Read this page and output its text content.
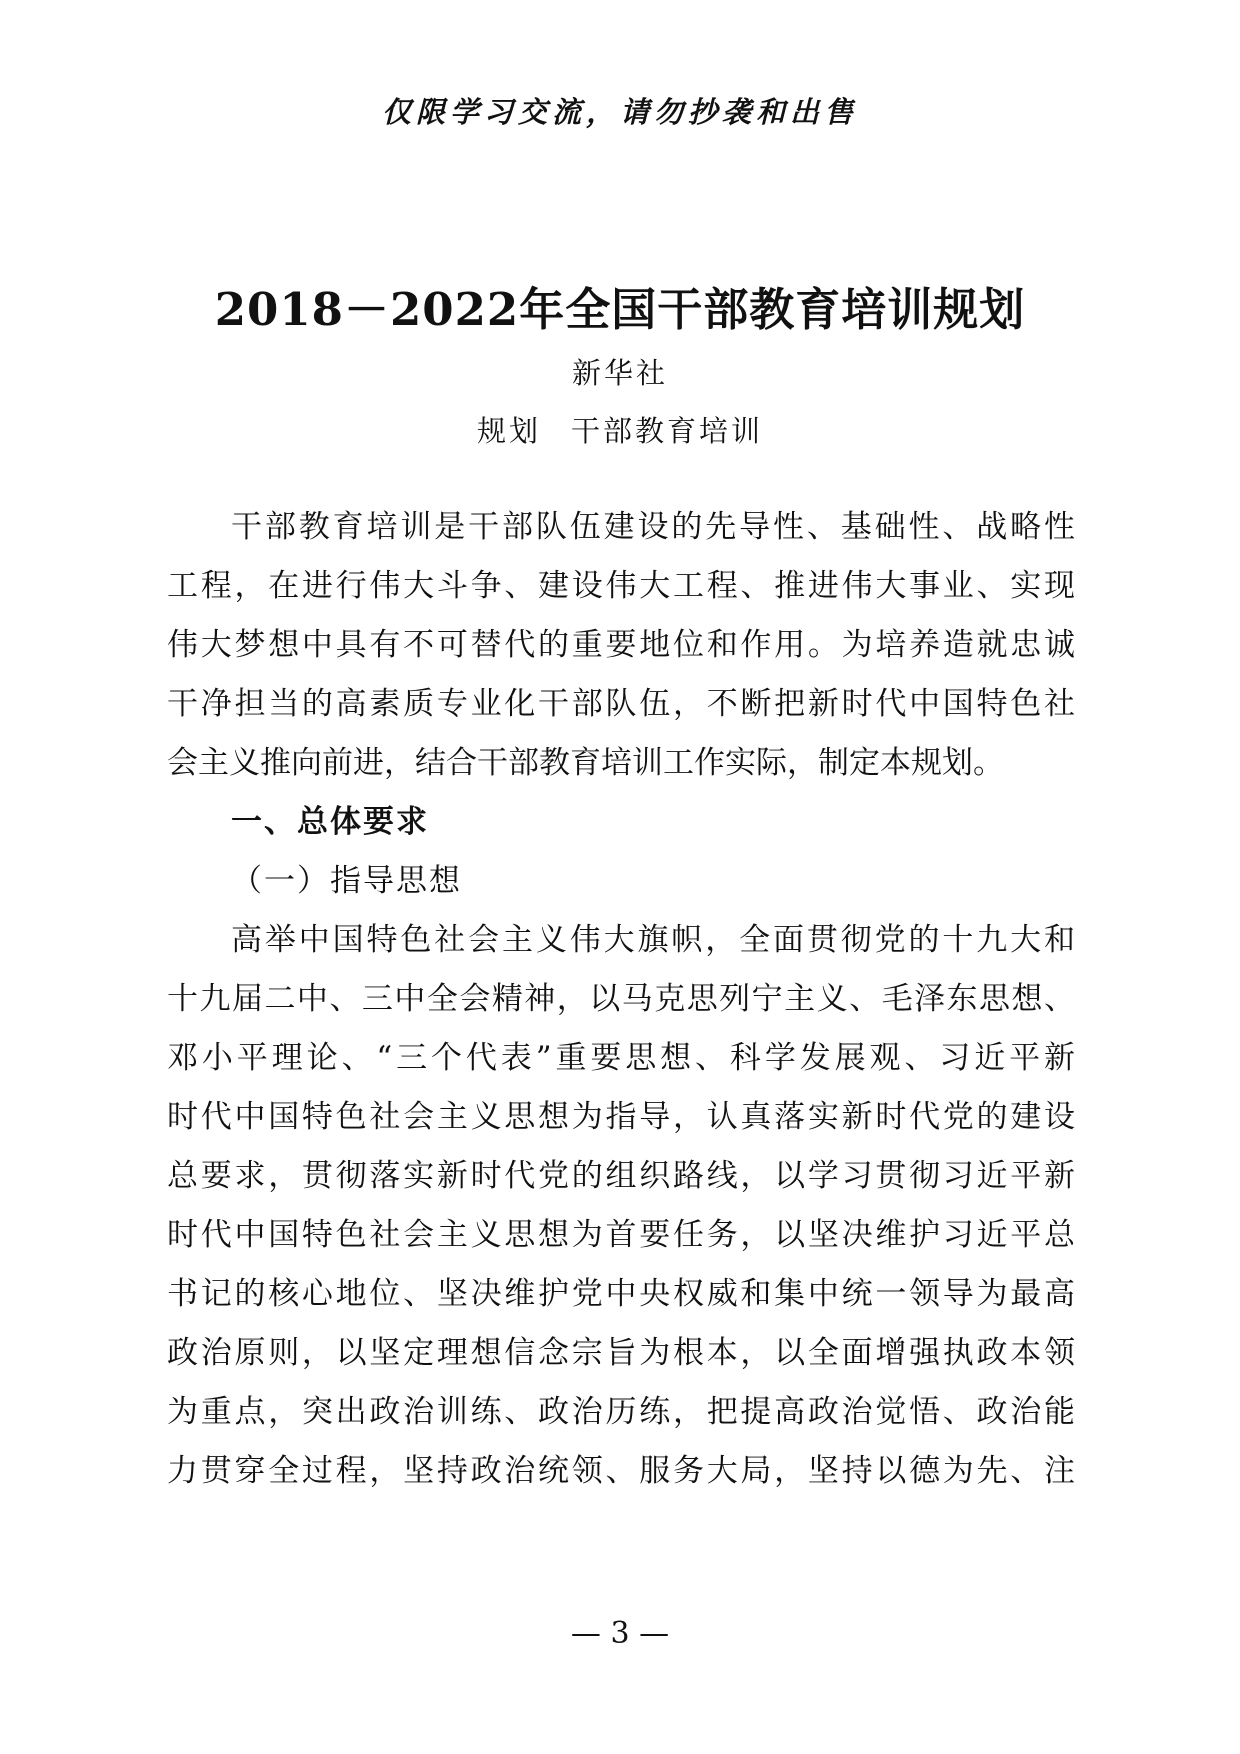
仅限学习交流，请勿抄袭和出售
2018－2022年全国干部教育培训规划
新华社
规划 干部教育培训
干部教育培训是干部队伍建设的先导性、基础性、战略性
工程，在进行伟大斗争、建设伟大工程、推进伟大事业、实现
伟大梦想中具有不可替代的重要地位和作用。为培养造就忠诚
干净担当的高素质专业化干部队伍，不断把新时代中国特色社
会主义推向前进，结合干部教育培训工作实际，制定本规划。
一、总体要求
（一）指导思想
高举中国特色社会主义伟大旗帜，全面贯彻党的十九大和
十九届二中、三中全会精神，以马克思列宁主义、毛泽东思想、
邓小平理论、“三个代表”重要思想、科学发展观、习近平新
时代中国特色社会主义思想为指导，认真落实新时代党的建设
总要求，贯彻落实新时代党的组织路线，以学习贯彻习近平新
时代中国特色社会主义思想为首要任务，以坚决维护习近平总
书记的核心地位、坚决维护党中央权威和集中统一领导为最高
政治原则，以坚定理想信念宗旨为根本，以全面增强执政本领
为重点，突出政治训练、政治历练，把提高政治觉悟、政治能
力贯穿全过程，坚持政治统领、服务大局，坚持以德为先、注
— 3 —
